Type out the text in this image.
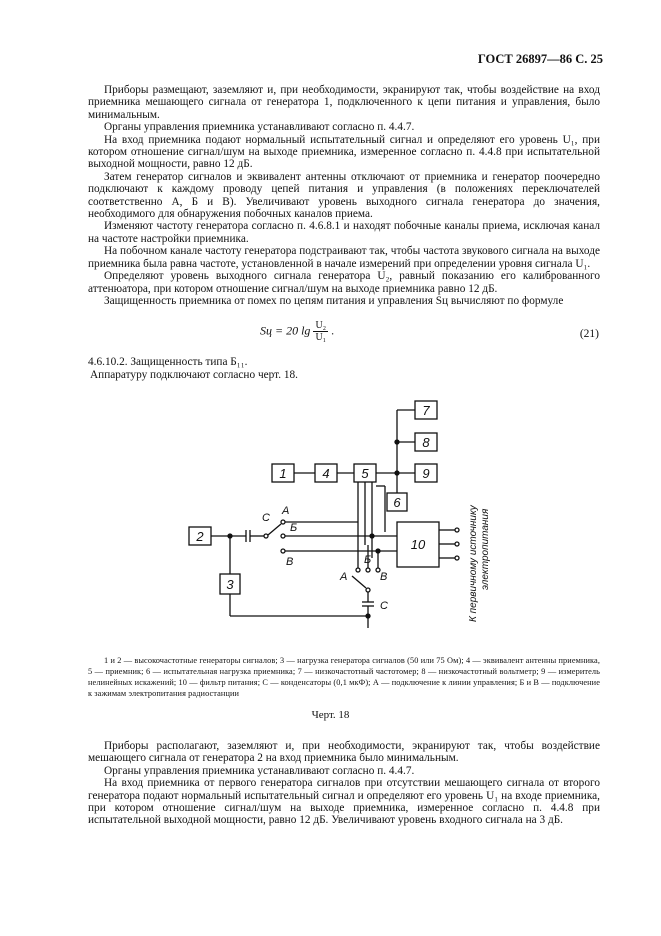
ГОСТ 26897—86 С. 25

Приборы размещают, заземляют и, при необходимости, экранируют так, чтобы воздействие на вход приемника мешающего сигнала от генератора 1, подключенного к цепи питания и управления, было минимальным.

Органы управления приемника устанавливают согласно п. 4.4.7.

На вход приемника подают нормальный испытательный сигнал и определяют его уровень U₁, при котором отношение сигнал/шум на выходе приемника, измеренное согласно п. 4.4.8 при испытательной выходной мощности, равно 12 дБ.

Затем генератор сигналов и эквивалент антенны отключают от приемника и генератор поочередно подключают к каждому проводу цепей питания и управления (в положениях переключателей соответственно А, Б и В). Увеличивают уровень выходного сигнала генератора до значения, необходимого для обнаружения побочных каналов приема.

Изменяют частоту генератора согласно п. 4.6.8.1 и находят побочные каналы приема, исключая канал на частоте настройки приемника.

На побочном канале частоту генератора подстраивают так, чтобы частота звукового сигнала на выходе приемника была равна частоте, установленной в начале измерений при определении уровня сигнала U₁.

Определяют уровень выходного сигнала генератора U₂, равный показанию его калиброванного аттенюатора, при котором отношение сигнал/шум на выходе приемника равно 12 дБ.

Защищенность приемника от помех по цепям питания и управления Sц вычисляют по формуле

Sц = 20 $\lg \frac{\text{U₂}}{\text{U₁}}$ .	(21)
4.6.10.2. Защищенность типа Б₁₁.
Аппаратуру подключают согласно черт. 18.
7
8
9
1	4 5
6
2
3
10
С
А
Б
В
А
Б
В
С	К первичному источнику электропитания

1 и 2 — высокочастотные генераторы сигналов; 3 — нагрузка генератора сигналов (50 или 75 Ом); 4 — эквивалент антенны приемника, 5 — приемник; 6 — испытательная нагрузка приемника; 7 — низкочастотный частотомер; 8 — низкочастотный вольтметр; 9 — измеритель нелинейных искажений; 10 — фильтр питания; С — конденсаторы (0,1 мкФ); А — подключение к линии управления; Б и В — подключение к зажимам электропитания радиостанции

Черт. 18

Приборы располагают, заземляют и, при необходимости, экранируют так, чтобы воздействие мешающего сигнала от генератора 2 на вход приемника было минимальным.

Органы управления приемника устанавливают согласно п. 4.4.7.

На вход приемника от первого генератора сигналов при отсутствии мешающего сигнала от второго генератора подают нормальный испытательный сигнал и определяют его уровень U₁ на входе приемника, при котором отношение сигнал/шум на выходе приемника, измеренное согласно п. 4.4.8 при испытательной выходной мощности, равно 12 дБ. Увеличивают уровень входного сигнала на 3 дБ.
